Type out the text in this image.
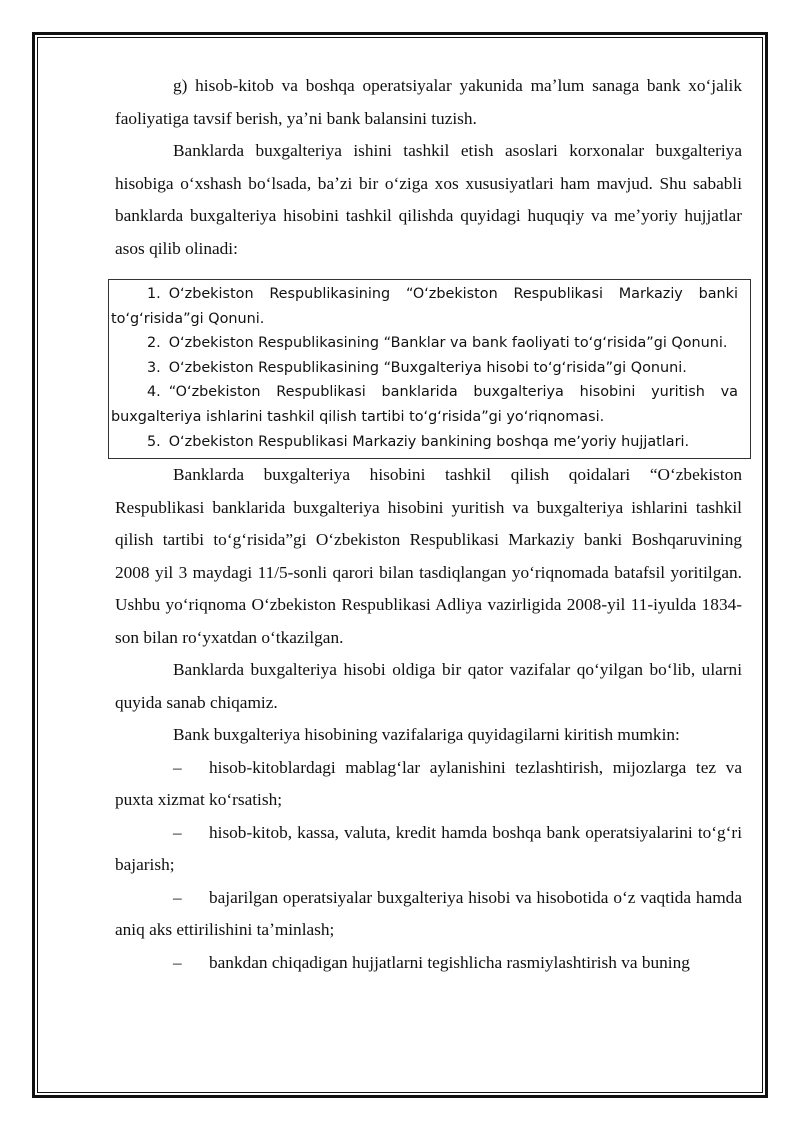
g) hisob-kitob va boshqa operatsiyalar yakunida maʼlum sanaga bank xoʻjalik faoliyatiga tavsif berish, yaʼni bank balansini tuzish.

Banklarda buxgalteriya ishini tashkil etish asoslari korxonalar buxgalteriya hisobiga oʻxshash boʻlsada, baʼzi bir oʻziga xos xususiyatlari ham mavjud. Shu sababli banklarda buxgalteriya hisobini tashkil qilishda quyidagi huquqiy va meʼyoriy hujjatlar asos qilib olinadi:

1. Oʻzbekiston Respublikasining “Oʻzbekiston Respublikasi Markaziy banki toʻgʻrisida”gi Qonuni.
2. Oʻzbekiston Respublikasining “Banklar va bank faoliyati toʻgʻrisida”gi Qonuni.
3. Oʻzbekiston Respublikasining “Buxgalteriya hisobi toʻgʻrisida”gi Qonuni.
4. “Oʻzbekiston Respublikasi banklarida buxgalteriya hisobini yuritish va buxgalteriya ishlarini tashkil qilish tartibi toʻgʻrisida”gi yoʻriqnomasi.
5. Oʻzbekiston Respublikasi Markaziy bankining boshqa meʼyoriy hujjatlari.

Banklarda buxgalteriya hisobini tashkil qilish qoidalari “Oʻzbekiston Respublikasi banklarida buxgalteriya hisobini yuritish va buxgalteriya ishlarini tashkil qilish tartibi toʻgʻrisida”gi Oʻzbekiston Respublikasi Markaziy banki Boshqaruvining 2008 yil 3 maydagi 11/5-sonli qarori bilan tasdiqlangan yoʻriqnomada batafsil yoritilgan. Ushbu yoʻriqnoma Oʻzbekiston Respublikasi Adliya vazirligida 2008-yil 11-iyulda 1834-son bilan roʻyxatdan oʻtkazilgan.

Banklarda buxgalteriya hisobi oldiga bir qator vazifalar qoʻyilgan boʻlib, ularni quyida sanab chiqamiz.

Bank buxgalteriya hisobining vazifalariga quyidagilarni kiritish mumkin:

– hisob-kitoblardagi mablagʻlar aylanishini tezlashtirish, mijozlarga tez va puxta xizmat koʻrsatish;

– hisob-kitob, kassa, valuta, kredit hamda boshqa bank operatsiyalarini toʻgʻri bajarish;

– bajarilgan operatsiyalar buxgalteriya hisobi va hisobotida oʻz vaqtida hamda aniq aks ettirilishini taʼminlash;

– bankdan chiqadigan hujjatlarni tegishlicha rasmiylashtirish va buning
